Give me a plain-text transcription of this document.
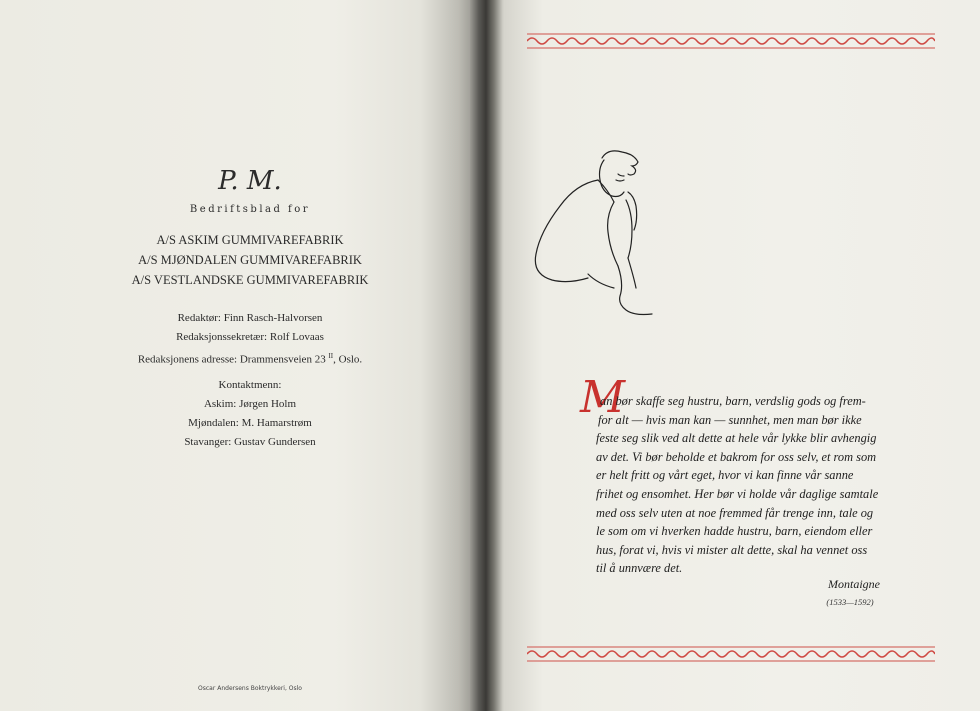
P. M.
Bedriftsblad for
A/S ASKIM GUMMIVAREFABRIK
A/S MJØNDALEN GUMMIVAREFABRIK
A/S VESTLANDSKE GUMMIVAREFABRIK
Redaktør: Finn Rasch-Halvorsen
Redaksjonssekretær: Rolf Lovaas
Redaksjonens adresse: Drammensveien 23 $^{II}$, Oslo.
Kontaktmenn:
Askim: Jørgen Holm
Mjøndalen: M. Hamarstrøm
Stavanger: Gustav Gundersen
Oscar Andersens Boktrykkeri, Oslo
M
an bør skaffe seg hustru, barn, verdslig gods og frem-
for alt — hvis man kan — sunnhet, men man bør ikke
feste seg slik ved alt dette at hele vår lykke blir avhengig
av det. Vi bør beholde et bakrom for oss selv, et rom som
er helt fritt og vårt eget, hvor vi kan finne vår sanne
frihet og ensomhet. Her bør vi holde vår daglige samtale
med oss selv uten at noe fremmed får trenge inn, tale og
le som om vi hverken hadde hustru, barn, eiendom eller
hus, forat vi, hvis vi mister alt dette, skal ha vennet oss
til å unnvære det.
Montaigne
(1533—1592)
